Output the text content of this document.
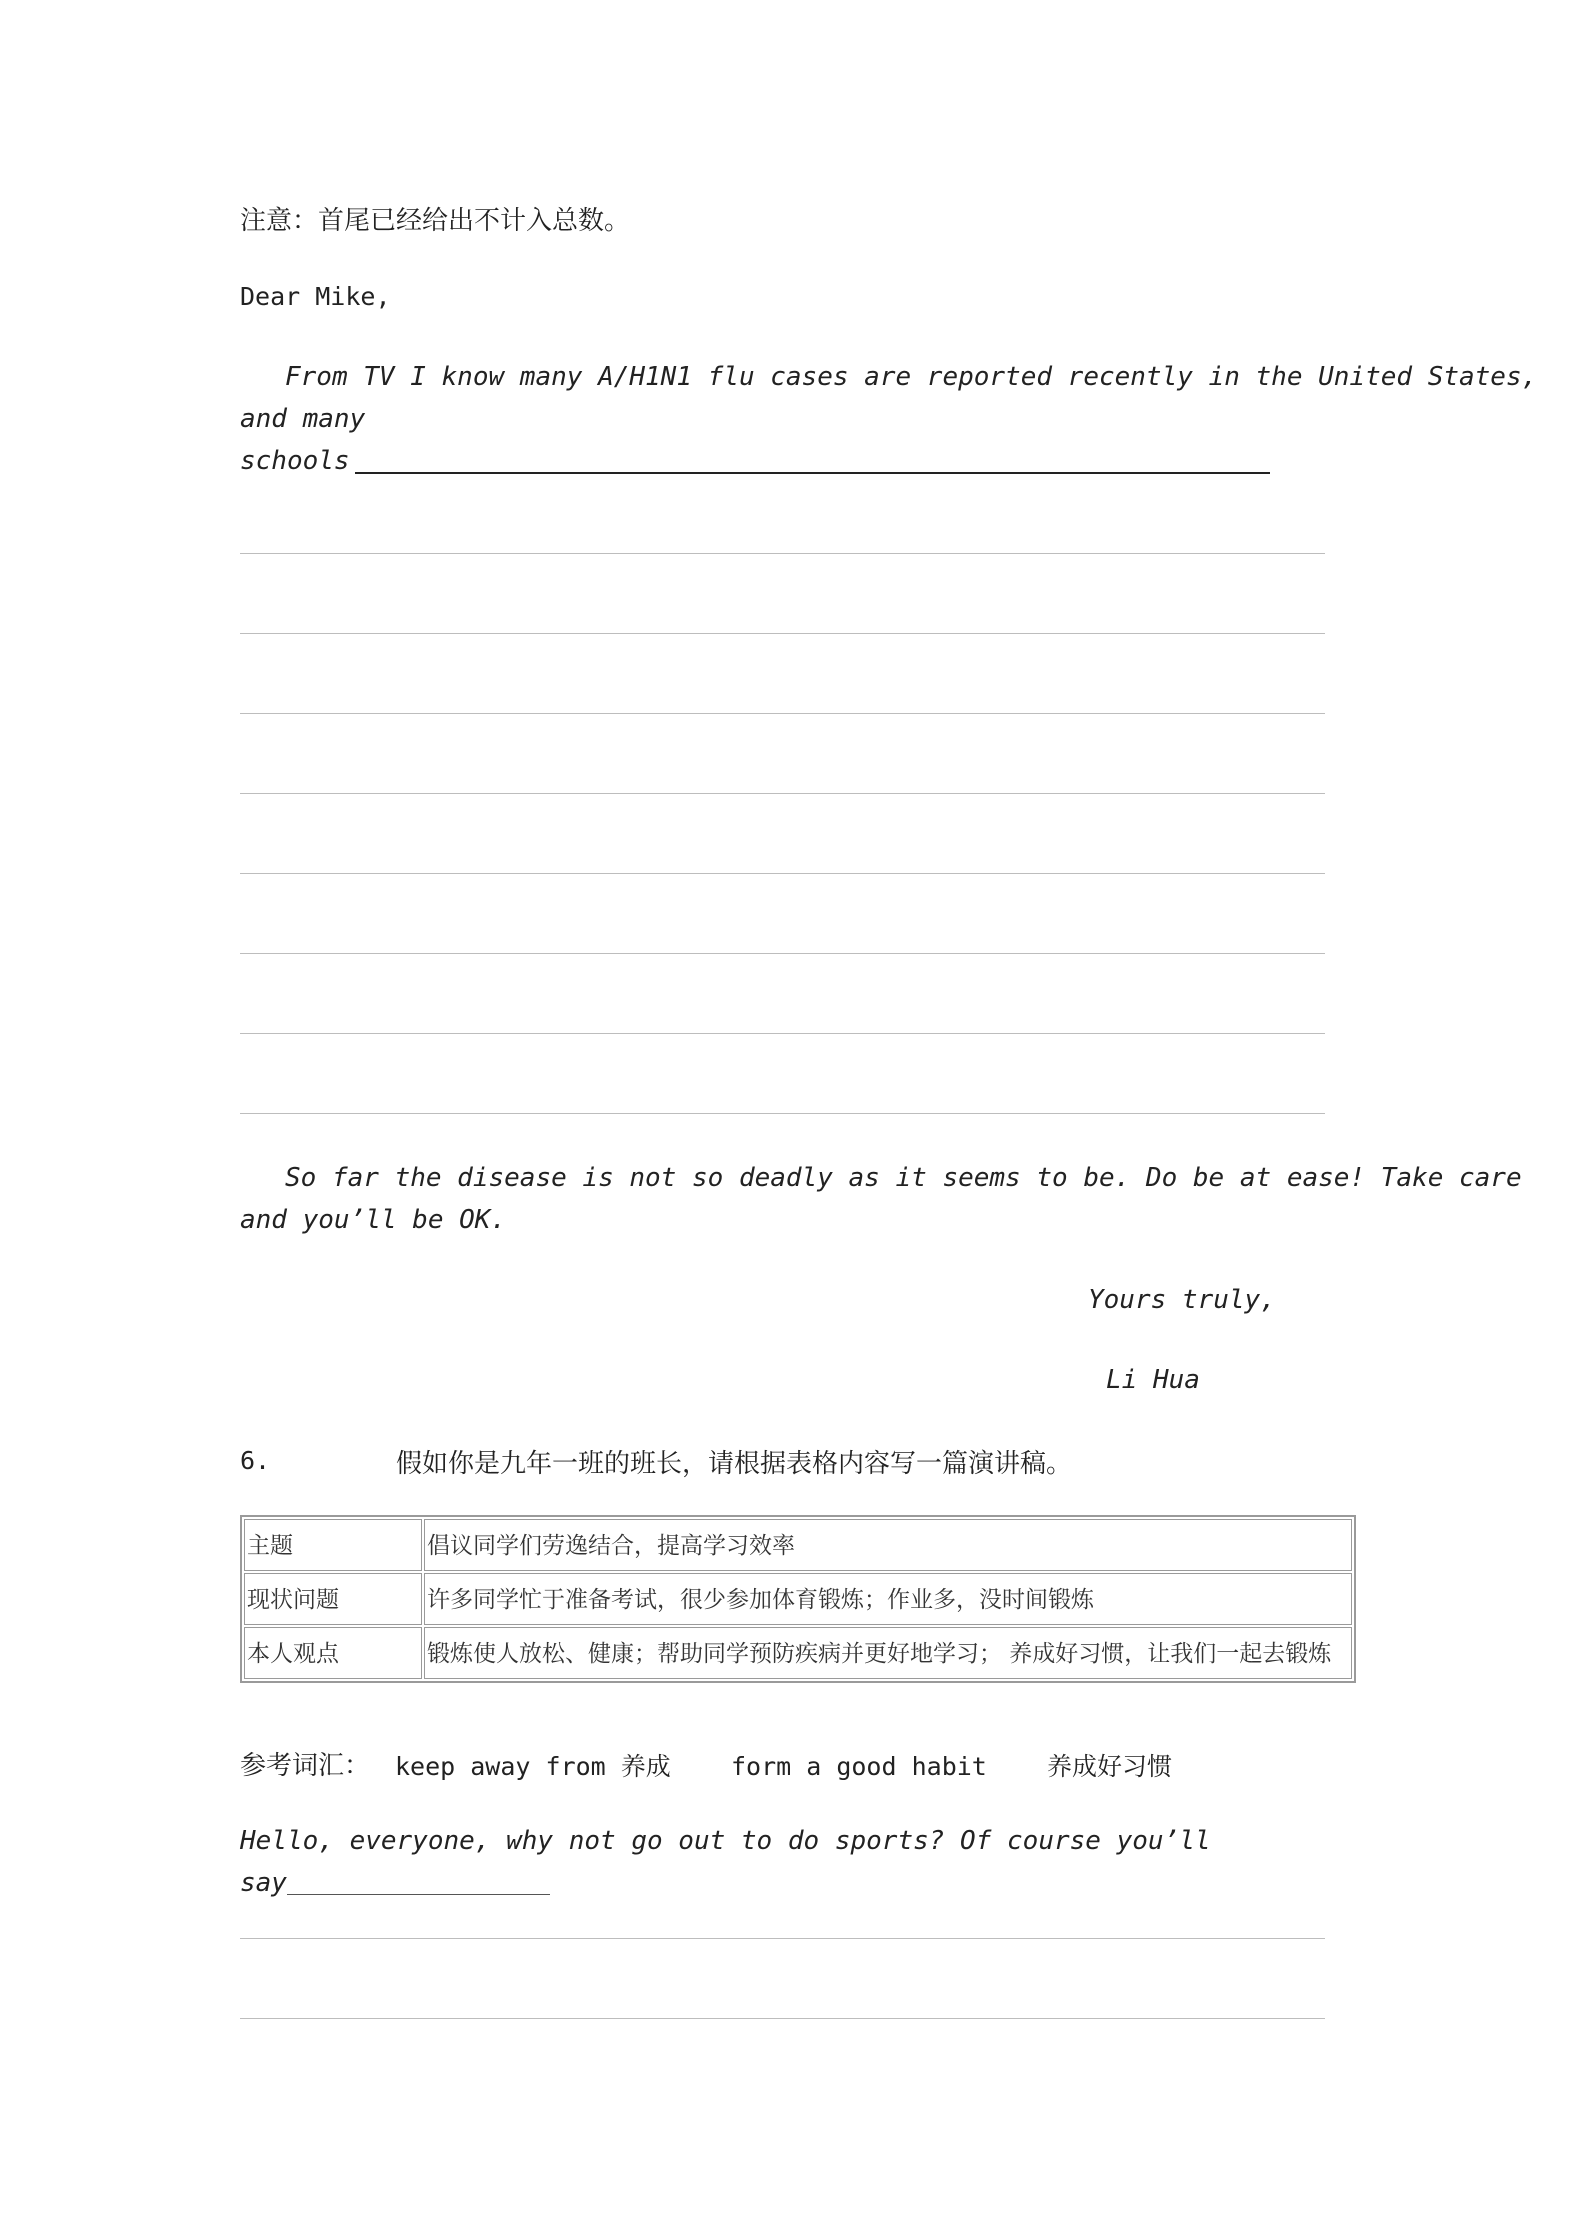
注意：首尾已经给出不计入总数。
Dear Mike,
From TV I know many A/H1N1 flu cases are reported recently in the United States,
and many
schools
So far the disease is not so deadly as it seems to be. Do be at ease! Take care
and you’ll be OK.
Yours truly,
Li Hua
6.	假如你是九年一班的班长，请根据表格内容写一篇演讲稿。
主题	倡议同学们劳逸结合，提高学习效率
现状问题	许多同学忙于准备考试，很少参加体育锻炼；作业多，没时间锻炼
本人观点	锻炼使人放松、健康；帮助同学预防疾病并更好地学习； 养成好习惯，让我们一起去锻炼
参考词汇： keep away from 养成    form a good habit    养成好习惯
Hello, everyone, why not go out to do sports? Of course you’ll
say
